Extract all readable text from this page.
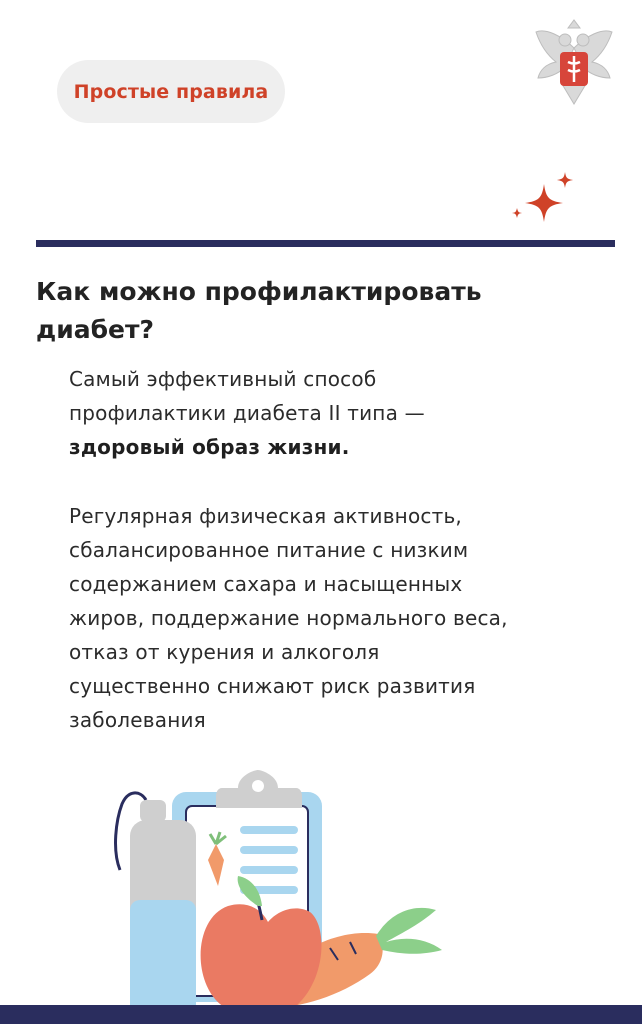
Простые правила
Как можно профилактировать диабет?

Самый эффективный способ

профилактики диабета II типа —

здоровый образ жизни.

Регулярная физическая активность,

сбалансированное питание с низким

содержанием сахара и насыщенных

жиров, поддержание нормального веса,

отказ от курения и алкоголя

существенно снижают риск развития

заболевания
